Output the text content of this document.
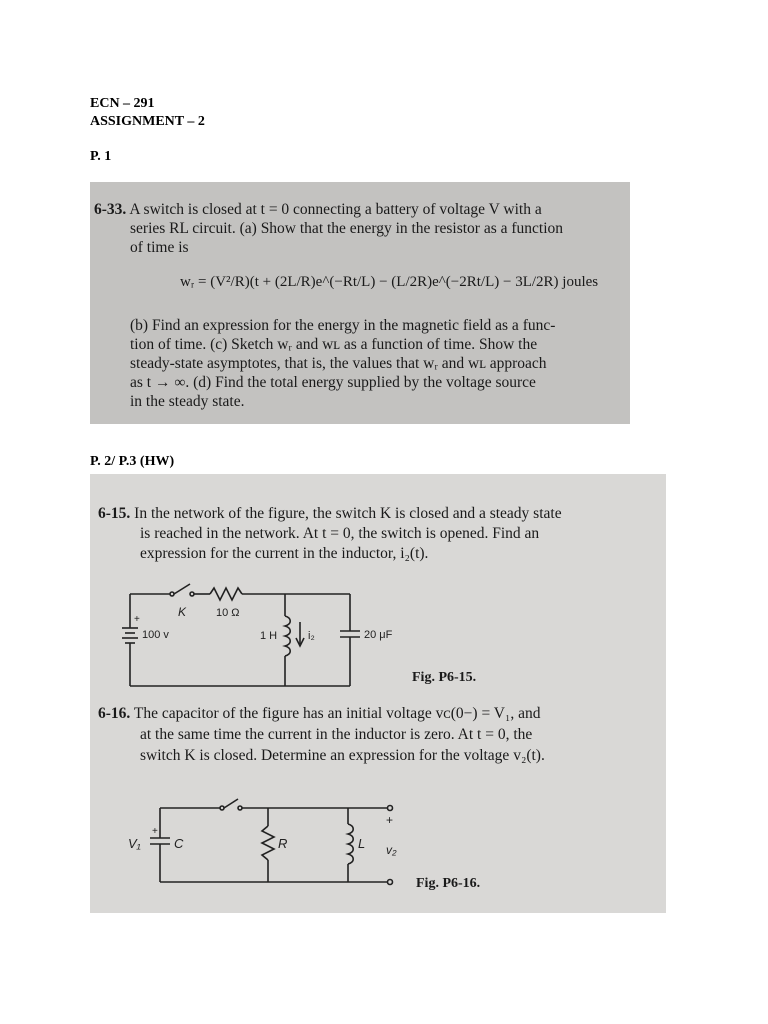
ECN – 291
ASSIGNMENT – 2
P. 1
6-33. A switch is closed at t = 0 connecting a battery of voltage V with a
series RL circuit. (a) Show that the energy in the resistor as a function
of time is
wᵣ = (V²/R)(t + (2L/R)e^(−Rt/L) − (L/2R)e^(−2Rt/L) − 3L/2R) joules
(b) Find an expression for the energy in the magnetic field as a func-
tion of time. (c) Sketch wᵣ and wʟ as a function of time. Show the
steady-state asymptotes, that is, the values that wᵣ and wʟ approach
as t → ∞. (d) Find the total energy supplied by the voltage source
in the steady state.
P. 2/ P.3 (HW)
6-15. In the network of the figure, the switch K is closed and a steady state
is reached in the network. At t = 0, the switch is opened. Find an
expression for the current in the inductor, i₂(t).
+
K	10 Ω
100 v	1 H	i₂	20 μF
Fig. P6-15.
6-16. The capacitor of the figure has an initial voltage vᴄ(0−) = V₁, and
at the same time the current in the inductor is zero. At t = 0, the
switch K is closed. Determine an expression for the voltage v₂(t).
V₁
+
C	R	L
+
v₂
Fig. P6-16.
